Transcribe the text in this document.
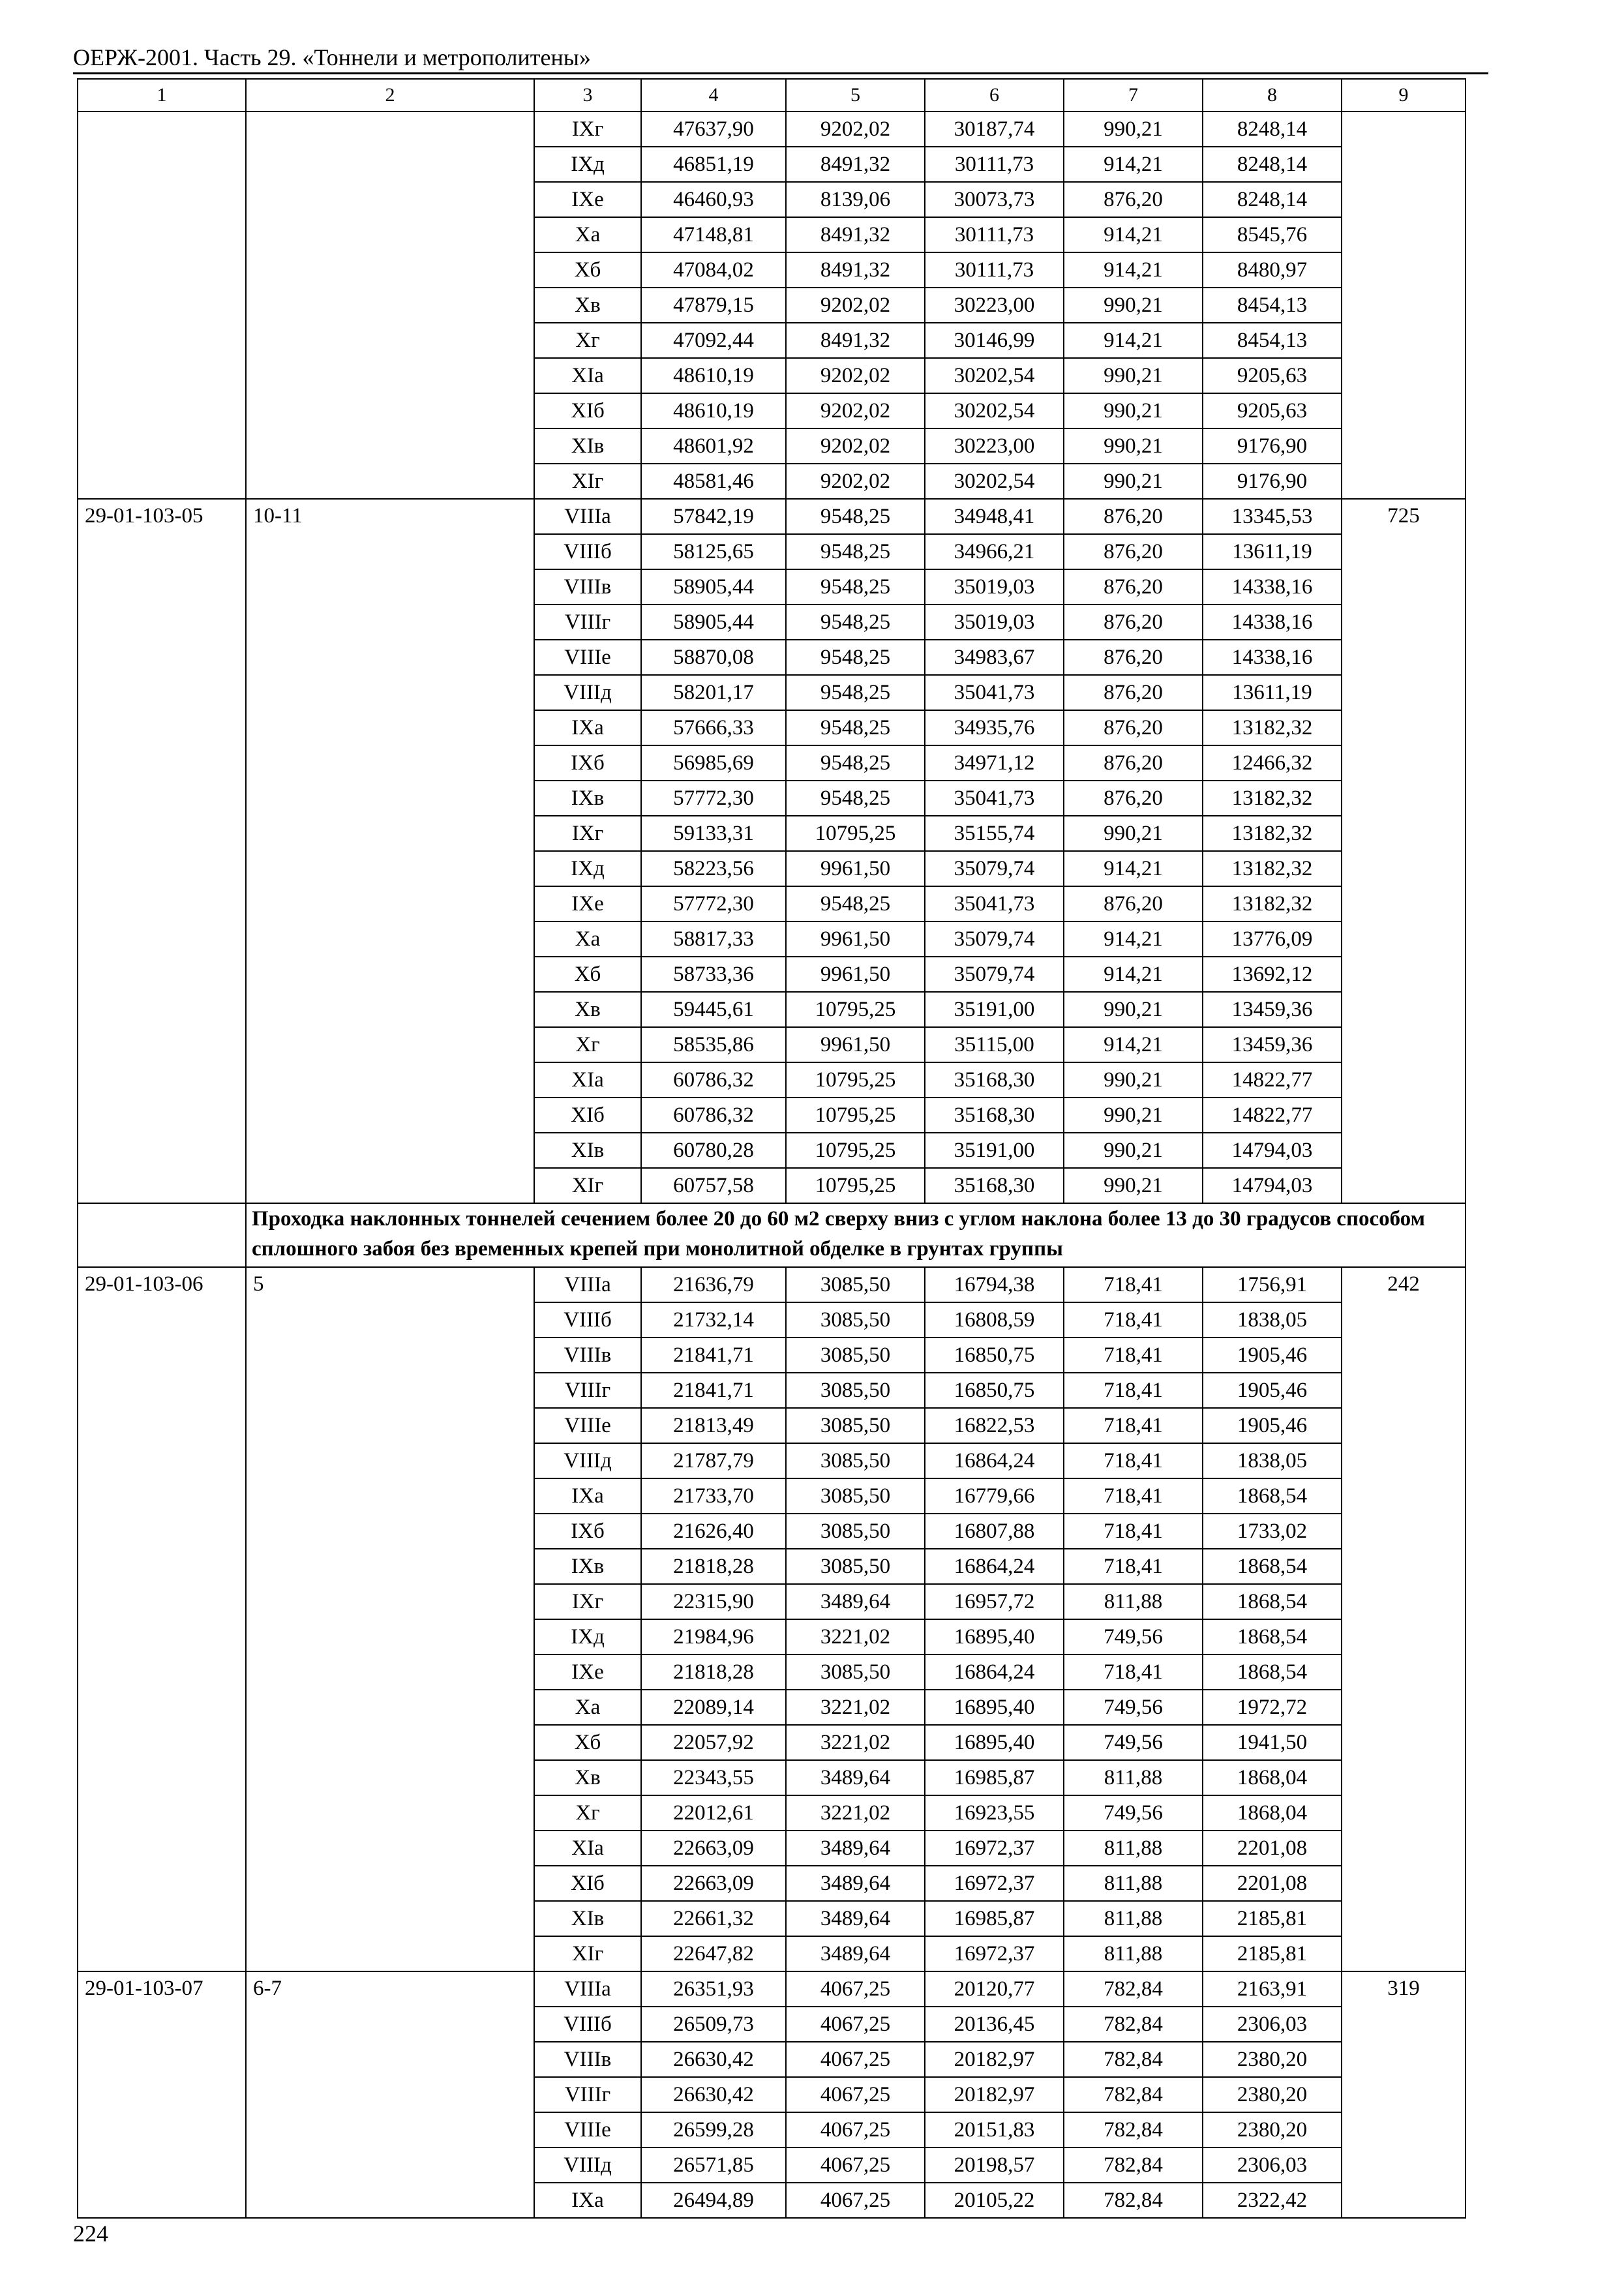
ОЕРЖ-2001. Часть 29. «Тоннели и метрополитены»
1	2	3	4	5	6	7	8	9
		IXг	47637,90	9202,02	30187,74	990,21	8248,14	
		IXд	46851,19	8491,32	30111,73	914,21	8248,14	
		IXе	46460,93	8139,06	30073,73	876,20	8248,14	
		Xa	47148,81	8491,32	30111,73	914,21	8545,76	
		Xб	47084,02	8491,32	30111,73	914,21	8480,97	
		Xв	47879,15	9202,02	30223,00	990,21	8454,13	
		Xг	47092,44	8491,32	30146,99	914,21	8454,13	
		XIa	48610,19	9202,02	30202,54	990,21	9205,63	
		XIб	48610,19	9202,02	30202,54	990,21	9205,63	
		XIв	48601,92	9202,02	30223,00	990,21	9176,90	
		XIг	48581,46	9202,02	30202,54	990,21	9176,90	
29-01-103-05	10-11	VIIIa	57842,19	9548,25	34948,41	876,20	13345,53	725
		VIIIб	58125,65	9548,25	34966,21	876,20	13611,19	
		VIIIв	58905,44	9548,25	35019,03	876,20	14338,16	
		VIIIг	58905,44	9548,25	35019,03	876,20	14338,16	
		VIIIе	58870,08	9548,25	34983,67	876,20	14338,16	
		VIIIд	58201,17	9548,25	35041,73	876,20	13611,19	
		IXa	57666,33	9548,25	34935,76	876,20	13182,32	
		IXб	56985,69	9548,25	34971,12	876,20	12466,32	
		IXв	57772,30	9548,25	35041,73	876,20	13182,32	
		IXг	59133,31	10795,25	35155,74	990,21	13182,32	
		IXд	58223,56	9961,50	35079,74	914,21	13182,32	
		IXе	57772,30	9548,25	35041,73	876,20	13182,32	
		Xa	58817,33	9961,50	35079,74	914,21	13776,09	
		Xб	58733,36	9961,50	35079,74	914,21	13692,12	
		Xв	59445,61	10795,25	35191,00	990,21	13459,36	
		Xг	58535,86	9961,50	35115,00	914,21	13459,36	
		XIa	60786,32	10795,25	35168,30	990,21	14822,77	
		XIб	60786,32	10795,25	35168,30	990,21	14822,77	
		XIв	60780,28	10795,25	35191,00	990,21	14794,03	
		XIг	60757,58	10795,25	35168,30	990,21	14794,03	
	Проходка наклонных тоннелей сечением более 20 до 60 м2 сверху вниз с углом наклона более 13 до 30 градусов способом сплошного забоя без временных крепей при монолитной обделке в грунтах группы							
29-01-103-06	5	VIIIa	21636,79	3085,50	16794,38	718,41	1756,91	242
		VIIIб	21732,14	3085,50	16808,59	718,41	1838,05	
		VIIIв	21841,71	3085,50	16850,75	718,41	1905,46	
		VIIIг	21841,71	3085,50	16850,75	718,41	1905,46	
		VIIIе	21813,49	3085,50	16822,53	718,41	1905,46	
		VIIIд	21787,79	3085,50	16864,24	718,41	1838,05	
		IXa	21733,70	3085,50	16779,66	718,41	1868,54	
		IXб	21626,40	3085,50	16807,88	718,41	1733,02	
		IXв	21818,28	3085,50	16864,24	718,41	1868,54	
		IXг	22315,90	3489,64	16957,72	811,88	1868,54	
		IXд	21984,96	3221,02	16895,40	749,56	1868,54	
		IXе	21818,28	3085,50	16864,24	718,41	1868,54	
		Xa	22089,14	3221,02	16895,40	749,56	1972,72	
		Xб	22057,92	3221,02	16895,40	749,56	1941,50	
		Xв	22343,55	3489,64	16985,87	811,88	1868,04	
		Xг	22012,61	3221,02	16923,55	749,56	1868,04	
		XIa	22663,09	3489,64	16972,37	811,88	2201,08	
		XIб	22663,09	3489,64	16972,37	811,88	2201,08	
		XIв	22661,32	3489,64	16985,87	811,88	2185,81	
		XIг	22647,82	3489,64	16972,37	811,88	2185,81	
29-01-103-07	6-7	VIIIa	26351,93	4067,25	20120,77	782,84	2163,91	319
		VIIIб	26509,73	4067,25	20136,45	782,84	2306,03	
		VIIIв	26630,42	4067,25	20182,97	782,84	2380,20	
		VIIIг	26630,42	4067,25	20182,97	782,84	2380,20	
		VIIIе	26599,28	4067,25	20151,83	782,84	2380,20	
		VIIIд	26571,85	4067,25	20198,57	782,84	2306,03	
		IXa	26494,89	4067,25	20105,22	782,84	2322,42	
224
